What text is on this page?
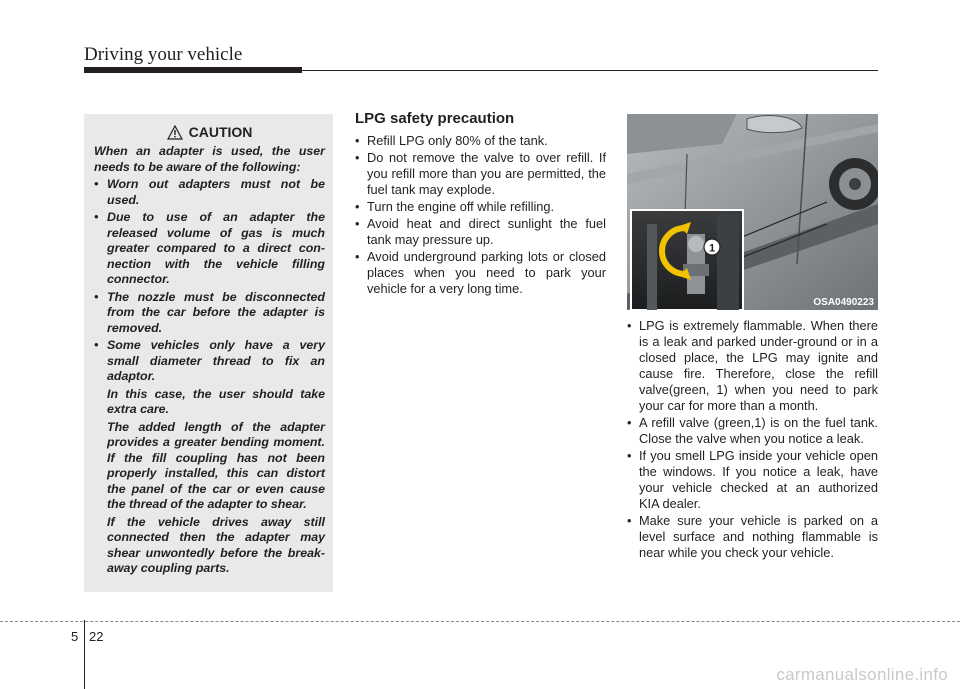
Driving your vehicle
CAUTION

When an adapter is used, the user needs to be aware of the following:

• Worn out adapters must not be used.
• Due to use of an adapter the released volume of gas is much greater compared to a direct con-nection with the vehicle filling connector.
• The nozzle must be disconnected from the car before the adapter is removed.
• Some vehicles only have a very small diameter thread to fix an adaptor.

In this case, the user should take extra care.

The added length of the adapter provides a greater bending moment. If the fill coupling has not been properly installed, this can distort the panel of the car or even cause the thread of the adapter to shear.

If the vehicle drives away still connected then the adapter may shear unwontedly before the break-away coupling parts.

LPG safety precaution
• Refill LPG only 80% of the tank.
• Do not remove the valve to over refill. If you refill more than you are permitted, the fuel tank may explode.
• Turn the engine off while refilling.
• Avoid heat and direct sunlight the fuel tank may pressure up.
• Avoid underground parking lots or closed places when you need to park your vehicle for a very long time.
1
OSA0490223
• LPG is extremely flammable. When there is a leak and parked under-ground or in a closed place, the LPG may ignite and cause fire. Therefore, close the refill valve(green, 1) when you need to park your car for more than a month.
• A refill valve (green,1) is on the fuel tank. Close the valve when you notice a leak.
• If you smell LPG inside your vehicle open the windows. If you notice a leak, have your vehicle checked at an authorized KIA dealer.
• Make sure your vehicle is parked on a level surface and nothing flammable is near while you check your vehicle.
5 22
carmanualsonline.info
